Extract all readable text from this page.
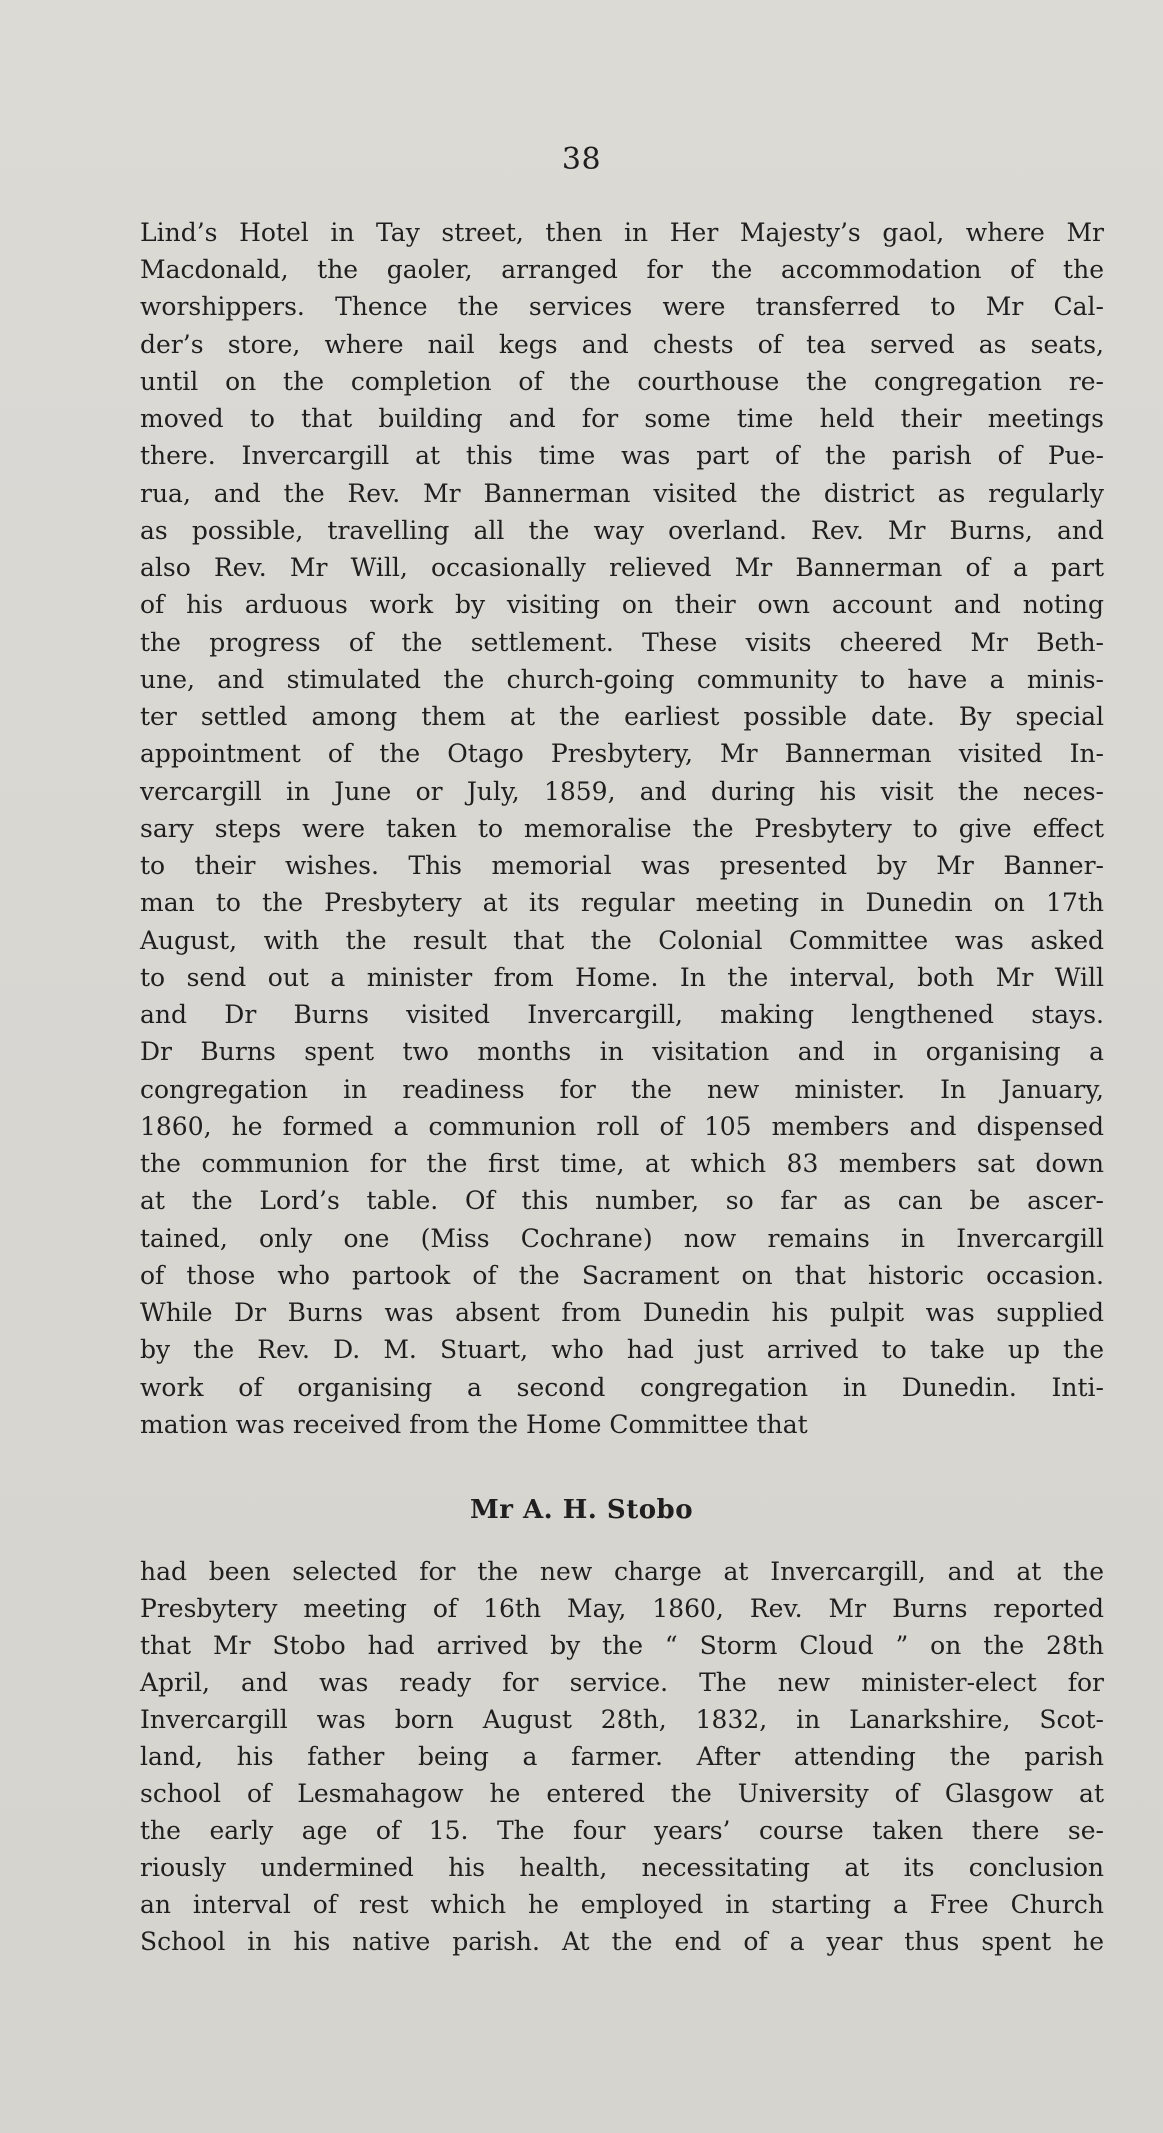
38
Lind’s Hotel in Tay street, then in Her Majesty’s gaol, where Mr
Macdonald, the gaoler, arranged for the accommodation of the
worshippers. Thence the services were transferred to Mr Cal-
der’s store, where nail kegs and chests of tea served as seats,
until on the completion of the courthouse the congregation re-
moved to that building and for some time held their meetings
there. Invercargill at this time was part of the parish of Pue-
rua, and the Rev. Mr Bannerman visited the district as regularly
as possible, travelling all the way overland. Rev. Mr Burns, and
also Rev. Mr Will, occasionally relieved Mr Bannerman of a part
of his arduous work by visiting on their own account and noting
the progress of the settlement. These visits cheered Mr Beth-
une, and stimulated the church-going community to have a minis-
ter settled among them at the earliest possible date. By special
appointment of the Otago Presbytery, Mr Bannerman visited In-
vercargill in June or July, 1859, and during his visit the neces-
sary steps were taken to memoralise the Presbytery to give effect
to their wishes. This memorial was presented by Mr Banner-
man to the Presbytery at its regular meeting in Dunedin on 17th
August, with the result that the Colonial Committee was asked
to send out a minister from Home. In the interval, both Mr Will
and Dr Burns visited Invercargill, making lengthened stays.
Dr Burns spent two months in visitation and in organising a
congregation in readiness for the new minister. In January,
1860, he formed a communion roll of 105 members and dispensed
the communion for the first time, at which 83 members sat down
at the Lord’s table. Of this number, so far as can be ascer-
tained, only one (Miss Cochrane) now remains in Invercargill
of those who partook of the Sacrament on that historic occasion.
While Dr Burns was absent from Dunedin his pulpit was supplied
by the Rev. D. M. Stuart, who had just arrived to take up the
work of organising a second congregation in Dunedin. Inti-
mation was received from the Home Committee that
Mr A. H. Stobo
had been selected for the new charge at Invercargill, and at the
Presbytery meeting of 16th May, 1860, Rev. Mr Burns reported
that Mr Stobo had arrived by the “ Storm Cloud ” on the 28th
April, and was ready for service. The new minister-elect for
Invercargill was born August 28th, 1832, in Lanarkshire, Scot-
land, his father being a farmer. After attending the parish
school of Lesmahagow he entered the University of Glasgow at
the early age of 15. The four years’ course taken there se-
riously undermined his health, necessitating at its conclusion
an interval of rest which he employed in starting a Free Church
School in his native parish. At the end of a year thus spent he
